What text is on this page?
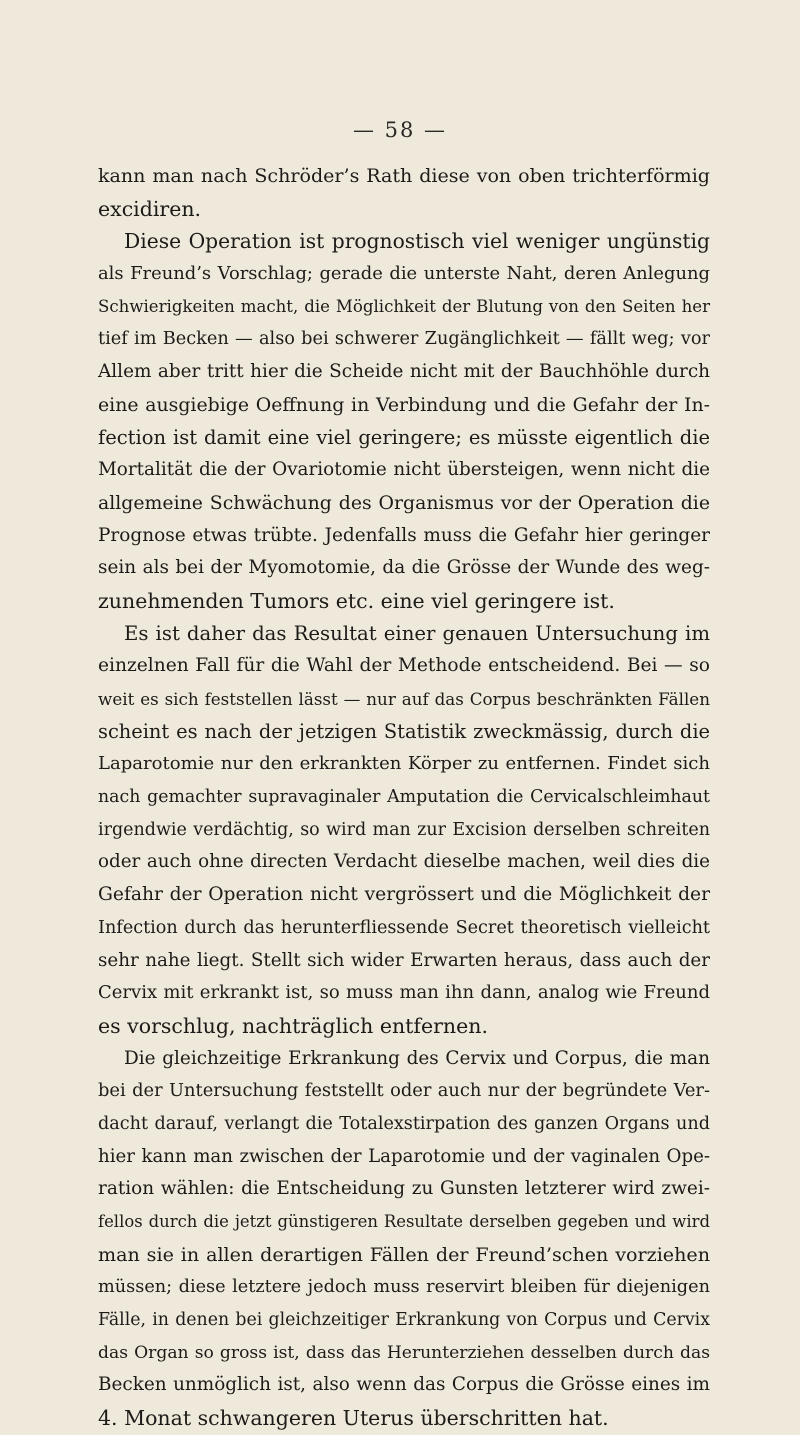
— 58 —
kann man nach Schröder’s Rath diese von oben trichterförmig
excidiren.
Diese Operation ist prognostisch viel weniger ungünstig
als Freund’s Vorschlag; gerade die unterste Naht, deren Anlegung
Schwierigkeiten macht, die Möglichkeit der Blutung von den Seiten her
tief im Becken — also bei schwerer Zugänglichkeit — fällt weg; vor
Allem aber tritt hier die Scheide nicht mit der Bauchhöhle durch
eine ausgiebige Oeffnung in Verbindung und die Gefahr der In-
fection ist damit eine viel geringere; es müsste eigentlich die
Mortalität die der Ovariotomie nicht übersteigen, wenn nicht die
allgemeine Schwächung des Organismus vor der Operation die
Prognose etwas trübte. Jedenfalls muss die Gefahr hier geringer
sein als bei der Myomotomie, da die Grösse der Wunde des weg-
zunehmenden Tumors etc. eine viel geringere ist.
Es ist daher das Resultat einer genauen Untersuchung im
einzelnen Fall für die Wahl der Methode entscheidend. Bei — so
weit es sich feststellen lässt — nur auf das Corpus beschränkten Fällen
scheint es nach der jetzigen Statistik zweckmässig, durch die
Laparotomie nur den erkrankten Körper zu entfernen. Findet sich
nach gemachter supravaginaler Amputation die Cervicalschleimhaut
irgendwie verdächtig, so wird man zur Excision derselben schreiten
oder auch ohne directen Verdacht dieselbe machen, weil dies die
Gefahr der Operation nicht vergrössert und die Möglichkeit der
Infection durch das herunterfliessende Secret theoretisch vielleicht
sehr nahe liegt. Stellt sich wider Erwarten heraus, dass auch der
Cervix mit erkrankt ist, so muss man ihn dann, analog wie Freund
es vorschlug, nachträglich entfernen.
Die gleichzeitige Erkrankung des Cervix und Corpus, die man
bei der Untersuchung feststellt oder auch nur der begründete Ver-
dacht darauf, verlangt die Totalexstirpation des ganzen Organs und
hier kann man zwischen der Laparotomie und der vaginalen Ope-
ration wählen: die Entscheidung zu Gunsten letzterer wird zwei-
fellos durch die jetzt günstigeren Resultate derselben gegeben und wird
man sie in allen derartigen Fällen der Freund’schen vorziehen
müssen; diese letztere jedoch muss reservirt bleiben für diejenigen
Fälle, in denen bei gleichzeitiger Erkrankung von Corpus und Cervix
das Organ so gross ist, dass das Herunterziehen desselben durch das
Becken unmöglich ist, also wenn das Corpus die Grösse eines im
4. Monat schwangeren Uterus überschritten hat.
